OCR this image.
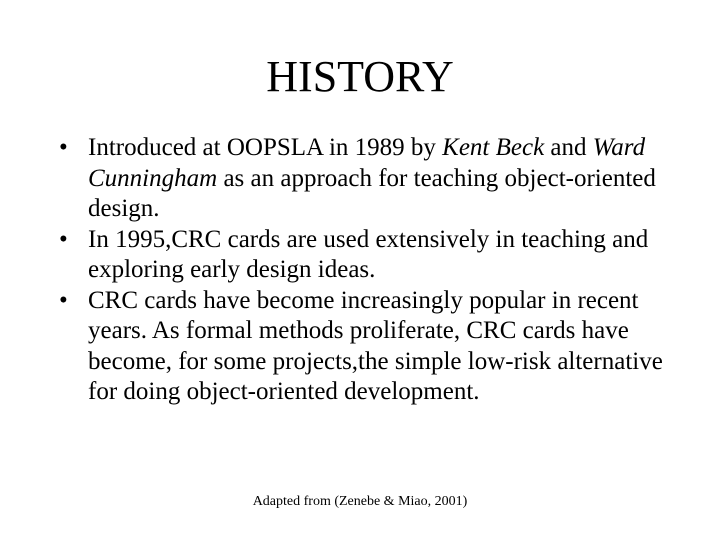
HISTORY
• Introduced at OOPSLA in 1989 by Kent Beck and Ward Cunningham as an approach for teaching object-oriented design.
• In 1995,CRC cards are used extensively in teaching and exploring early design ideas.
• CRC cards have become increasingly popular in recent years. As formal methods proliferate, CRC cards have become, for some projects,the simple low-risk alternative for doing object-oriented development.
Adapted from (Zenebe & Miao, 2001)
